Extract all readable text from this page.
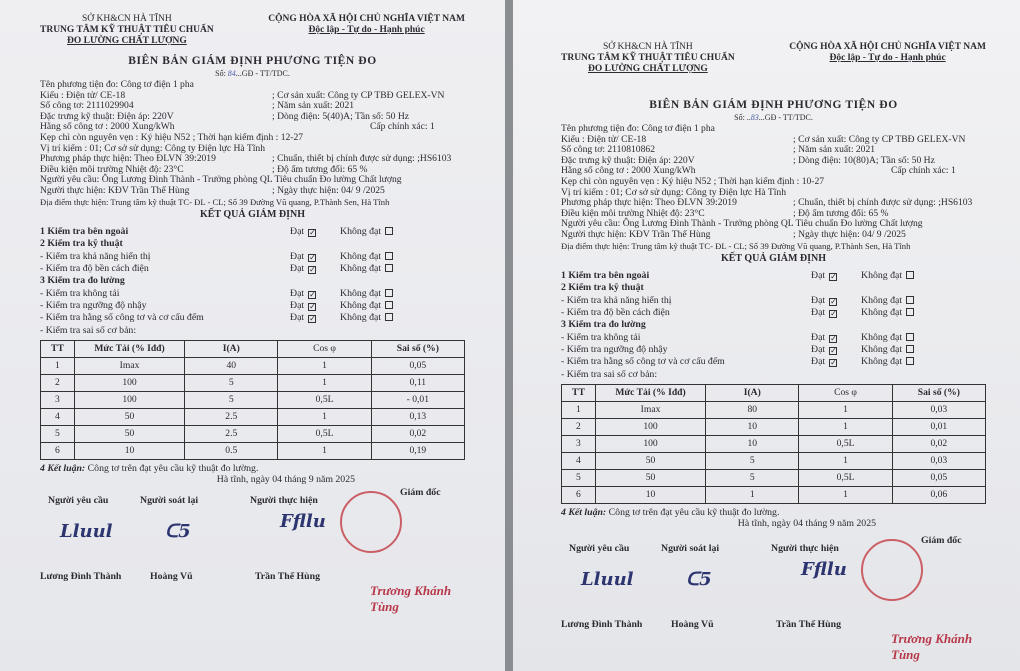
SỞ KH&CN HÀ TĨNH
TRUNG TÂM KỸ THUẬT TIÊU CHUẨN
ĐO LƯỜNG CHẤT LƯỢNG
CỘNG HÒA XÃ HỘI CHỦ NGHĨA VIỆT NAM
Độc lập - Tự do - Hạnh phúc
BIÊN BẢN GIÁM ĐỊNH PHƯƠNG TIỆN ĐO
Số: 84...GĐ - TT/TDC.
Tên phương tiện đo: Công tơ điện 1 pha
Kiểu : Điện tử/ CE-18	; Cơ sản xuất: Công ty CP TBĐ GELEX-VN
Số công tơ: 2111029904	; Năm sản xuất: 2021
Đặc trưng kỹ thuật: Điện áp: 220V	; Dòng điện: 5(40)A; Tần số: 50 Hz
Hằng số công tơ : 2000 Xung/kWh	Cấp chính xác: 1
Kẹp chì còn nguyên vẹn : Ký hiệu N52 ; Thời hạn kiểm định : 12-27
Vị trí kiểm : 01; Cơ sở sử dụng: Công ty Điện lực Hà Tĩnh
Phương pháp thực hiện: Theo ĐLVN 39:2019	; Chuẩn, thiết bị chính được sử dụng: ;HS6103
Điều kiện môi trường Nhiệt độ: 23°C	; Độ ẩm tương đối: 65 %
Người yêu cầu: Ông Lương Đình Thành - Trưởng phòng QL Tiêu chuẩn Đo lường Chất lượng
Người thực hiện: KĐV Trần Thế Hùng	; Ngày thực hiện: 04/ 9 /2025
Địa điểm thực hiện: Trung tâm kỹ thuật TC- ĐL - CL; Số 39 Đường Vũ quang, P.Thành Sen, Hà Tĩnh
KẾT QUẢ GIÁM ĐỊNH
1 Kiểm tra bên ngoài	Đạt ✓ Không đạt
2 Kiểm tra kỹ thuật
- Kiểm tra khả năng hiển thị	Đạt ✓ Không đạt
- Kiểm tra độ bền cách điện	Đạt ✓ Không đạt
3 Kiểm tra đo lường
- Kiểm tra không tải	Đạt ✓ Không đạt
- Kiểm tra ngưỡng độ nhậy	Đạt ✓ Không đạt
- Kiểm tra hằng số công tơ và cơ cấu đếm	Đạt ✓ Không đạt
- Kiểm tra sai số cơ bản:
TT	Mức Tải (% Iđđ)	I(A)	Cos φ	Sai số (%)
1	Imax	40	1	0,05
2	100	5	1	0,11
3	100	5	0,5L	- 0,01
4	50	2.5	1	0,13
5	50	2.5	0,5L	0,02
6	10	0.5	1	0,19
4 Kết luận: Công tơ trên đạt yêu cầu kỹ thuật đo lường.
Hà tĩnh, ngày 04 tháng 9 năm 2025
Người yêu cầu	Người soát lại	Người thực hiện
Giám đốc
Lương Đình Thành	Hoàng Vũ	Trần Thế Hùng
Lluul	ᑕ5	Ffllu
Trương Khánh Tùng
SỞ KH&CN HÀ TĨNH
TRUNG TÂM KỸ THUẬT TIÊU CHUẨN
ĐO LƯỜNG CHẤT LƯỢNG
CỘNG HÒA XÃ HỘI CHỦ NGHĨA VIỆT NAM
Độc lập - Tự do - Hạnh phúc
BIÊN BẢN GIÁM ĐỊNH PHƯƠNG TIỆN ĐO
Số: ..83...GĐ - TT/TDC.
Tên phương tiện đo: Công tơ điện 1 pha
Kiểu : Điện tử/ CE-18	; Cơ sản xuất: Công ty CP TBĐ GELEX-VN
Số công tơ: 2110810862	; Năm sản xuất: 2021
Đặc trưng kỹ thuật: Điện áp: 220V	; Dòng điện: 10(80)A; Tần số: 50 Hz
Hằng số công tơ : 2000 Xung/kWh	Cấp chính xác: 1
Kẹp chì còn nguyên vẹn : Ký hiệu N52 ; Thời hạn kiểm định : 10-27
Vị trí kiểm : 01; Cơ sở sử dụng: Công ty Điện lực Hà Tĩnh
Phương pháp thực hiện: Theo ĐLVN 39:2019	; Chuẩn, thiết bị chính được sử dụng: ;HS6103
Điều kiện môi trường Nhiệt độ: 23°C	; Độ ẩm tương đối: 65 %
Người yêu cầu: Ông Lương Đình Thành - Trưởng phòng QL Tiêu chuẩn Đo lường Chất lượng
Người thực hiện: KĐV Trần Thế Hùng	; Ngày thực hiện: 04/ 9 /2025
Địa điểm thực hiện: Trung tâm kỹ thuật TC- ĐL - CL; Số 39 Đường Vũ quang, P.Thành Sen, Hà Tĩnh
KẾT QUẢ GIÁM ĐỊNH
1 Kiểm tra bên ngoài	Đạt ✓ Không đạt
2 Kiểm tra kỹ thuật
- Kiểm tra khả năng hiển thị	Đạt ✓ Không đạt
- Kiểm tra độ bền cách điện	Đạt ✓ Không đạt
3 Kiểm tra đo lường
- Kiểm tra không tải	Đạt ✓ Không đạt
- Kiểm tra ngưỡng độ nhậy	Đạt ✓ Không đạt
- Kiểm tra hằng số công tơ và cơ cấu đếm	Đạt ✓ Không đạt
- Kiểm tra sai số cơ bản:
TT	Mức Tải (% Iđđ)	I(A)	Cos φ	Sai số (%)
1	Imax	80	1	0,03
2	100	10	1	0,01
3	100	10	0,5L	0,02
4	50	5	1	0,03
5	50	5	0,5L	0,05
6	10	1	1	0,06
4 Kết luận: Công tơ trên đạt yêu cầu kỹ thuật đo lường.
Hà tĩnh, ngày 04 tháng 9 năm 2025
Người yêu cầu	Người soát lại	Người thực hiện
Giám đốc
Lương Đình Thành	Hoàng Vũ	Trần Thế Hùng
Lluul	ᑕ5	Ffllu
Trương Khánh Tùng
